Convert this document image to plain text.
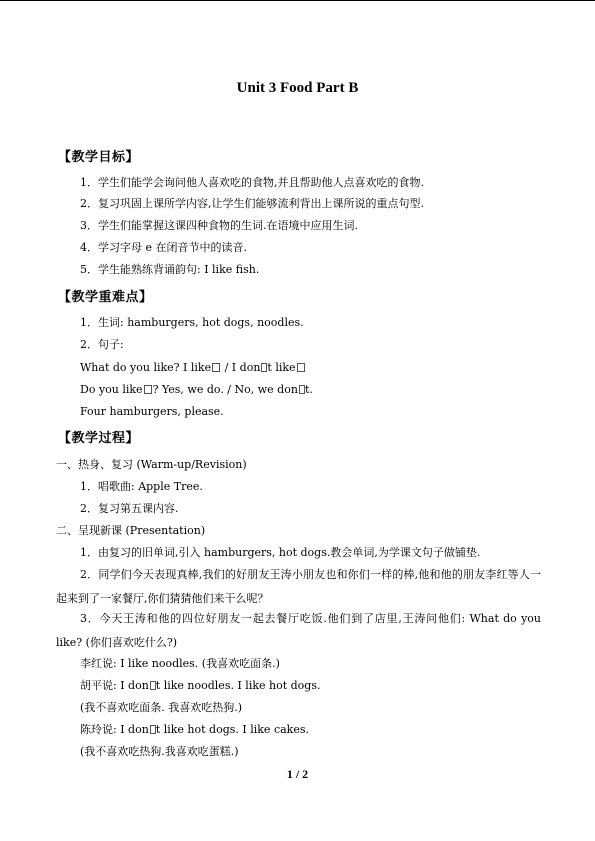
Unit 3 Food Part B
【教学目标】
1．学生们能学会询问他人喜欢吃的食物,并且帮助他人点喜欢吃的食物.
2．复习巩固上课所学内容,让学生们能够流利背出上课所说的重点句型.
3．学生们能掌握这课四种食物的生词.在语境中应用生词.
4．学习字母 e 在闭音节中的读音.
5．学生能熟练背诵韵句: I like fish.
【教学重难点】
1．生词: hamburgers, hot dogs, noodles.
2．句子:
What do you like? I like / I don t like
Do you like ? Yes, we do. / No, we don t.
Four hamburgers, please.
【教学过程】
一、热身、复习 (Warm-up/Revision)
1．唱歌曲: Apple Tree.
2．复习第五课内容.
二、呈现新课 (Presentation)
1．由复习的旧单词,引入 hamburgers, hot dogs.教会单词,为学课文句子做铺垫.
2．同学们今天表现真棒,我们的好朋友王涛小朋友也和你们一样的棒,他和他的朋友李红等人一起来到了一家餐厅,你们猜猜他们来干么呢？
3．今天王涛和他的四位好朋友一起去餐厅吃饭.他们到了店里,王涛问他们: What do you like? (你们喜欢吃什么?)
李红说: I like noodles. (我喜欢吃面条.)
胡平说: I don t like noodles. I like hot dogs.
(我不喜欢吃面条. 我喜欢吃热狗.)
陈玲说: I don t like hot dogs. I like cakes.
(我不喜欢吃热狗.我喜欢吃蛋糕.)
1 / 2
